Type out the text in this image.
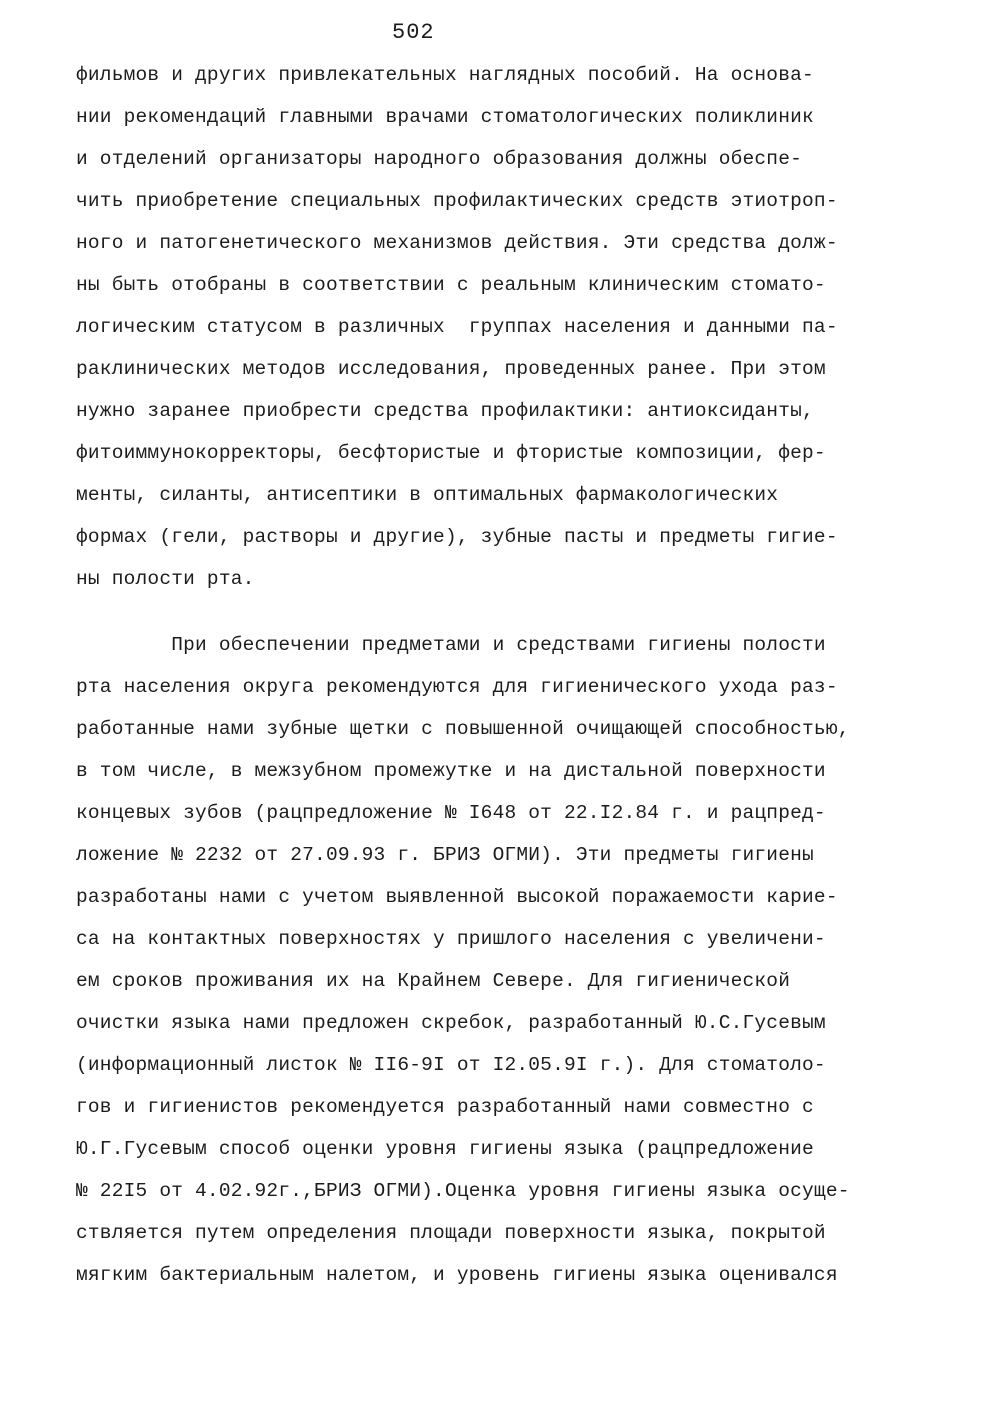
502
фильмов и других привлекательных наглядных пособий. На основа-
нии рекомендаций главными врачами стоматологических поликлиник
и отделений организаторы народного образования должны обеспе-
чить приобретение специальных профилактических средств этиотроп-
ного и патогенетического механизмов действия. Эти средства долж-
ны быть отобраны в соответствии с реальным клиническим стомато-
логическим статусом в различных  группах населения и данными па-
раклинических методов исследования, проведенных ранее. При этом
нужно заранее приобрести средства профилактики: антиоксиданты,
фитоиммунокорректоры, бесфтористые и фтористые композиции, фер-
менты, силанты, антисептики в оптимальных фармакологических
формах (гели, растворы и другие), зубные пасты и предметы гигие-
ны полости рта.
При обеспечении предметами и средствами гигиены полости
рта населения округа рекомендуются для гигиенического ухода раз-
работанные нами зубные щетки с повышенной очищающей способностью,
в том числе, в межзубном промежутке и на дистальной поверхности
концевых зубов (рацпредложение № I648 от 22.I2.84 г. и рацпред-
ложение № 2232 от 27.09.93 г. БРИЗ ОГМИ). Эти предметы гигиены
разработаны нами с учетом выявленной высокой поражаемости карие-
са на контактных поверхностях у пришлого населения с увеличени-
ем сроков проживания их на Крайнем Севере. Для гигиенической
очистки языка нами предложен скребок, разработанный Ю.С.Гусевым
(информационный листок № II6-9I от I2.05.9I г.). Для стоматоло-
гов и гигиенистов рекомендуется разработанный нами совместно с
Ю.Г.Гусевым способ оценки уровня гигиены языка (рацпредложение
№ 22I5 от 4.02.92г.,БРИЗ ОГМИ).Оценка уровня гигиены языка осуще-
ствляется путем определения площади поверхности языка, покрытой
мягким бактериальным налетом, и уровень гигиены языка оценивался
